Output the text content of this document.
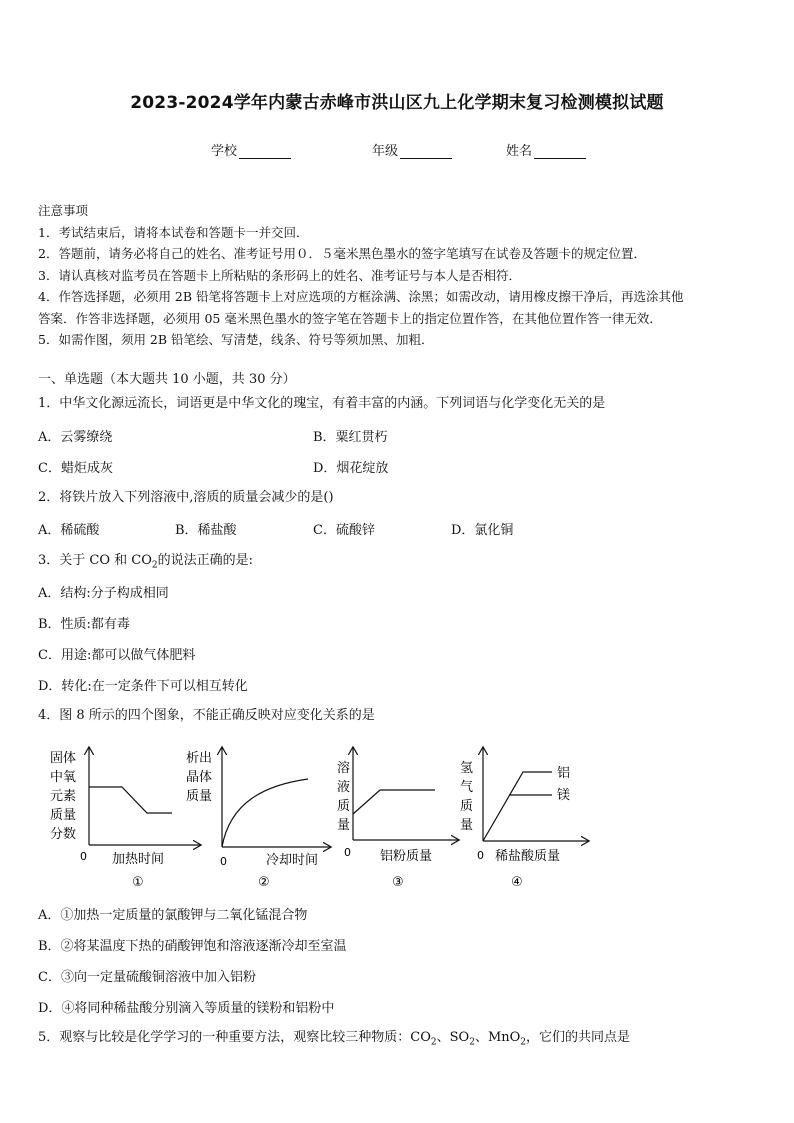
2023-2024学年内蒙古赤峰市洪山区九上化学期末复习检测模拟试题
学校	年级	姓名
注意事项
1．考试结束后，请将本试卷和答题卡一并交回．
2．答题前，请务必将自己的姓名、准考证号用０．５毫米黑色墨水的签字笔填写在试卷及答题卡的规定位置．
3．请认真核对监考员在答题卡上所粘贴的条形码上的姓名、准考证号与本人是否相符．
4．作答选择题，必须用 2B 铅笔将答题卡上对应选项的方框涂满、涂黑；如需改动，请用橡皮擦干净后，再选涂其他
答案．作答非选择题，必须用 05 毫米黑色墨水的签字笔在答题卡上的指定位置作答，在其他位置作答一律无效．
5．如需作图，须用 2B 铅笔绘、写清楚，线条、符号等须加黑、加粗．
一、单选题（本大题共 10 小题，共 30 分）
1．中华文化源远流长，词语更是中华文化的瑰宝，有着丰富的内涵。下列词语与化学变化无关的是
A．云雾缭绕	B．粟红贯朽
C．蜡炬成灰	D．烟花绽放
2．将铁片放入下列溶液中,溶质的质量会减少的是()
A．稀硫酸	B．稀盐酸	C．硫酸锌	D．氯化铜
3．关于 CO 和 $CO_2$的说法正确的是:
A．结构:分子构成相同
B．性质:都有毒
C．用途:都可以做气体肥料
D．转化:在一定条件下可以相互转化
4．图 8 所示的四个图象，不能正确反映对应变化关系的是
固体
中氧
元素
质量
分数
0 加热时间
①
析出
晶体
质量
0	冷却时间
②
溶
液
质
量
0 铝粉质量
③
氢
气
质
量
铝
镁
0 稀盐酸质量
④
A．①加热一定质量的氯酸钾与二氧化锰混合物
B．②将某温度下热的硝酸钾饱和溶液逐渐冷却至室温
C．③向一定量硫酸铜溶液中加入铝粉
D．④将同种稀盐酸分别滴入等质量的镁粉和铝粉中
5．观察与比较是化学学习的一种重要方法，观察比较三种物质：$CO_2$、$SO_2$、MnO$_2$，它们的共同点是
